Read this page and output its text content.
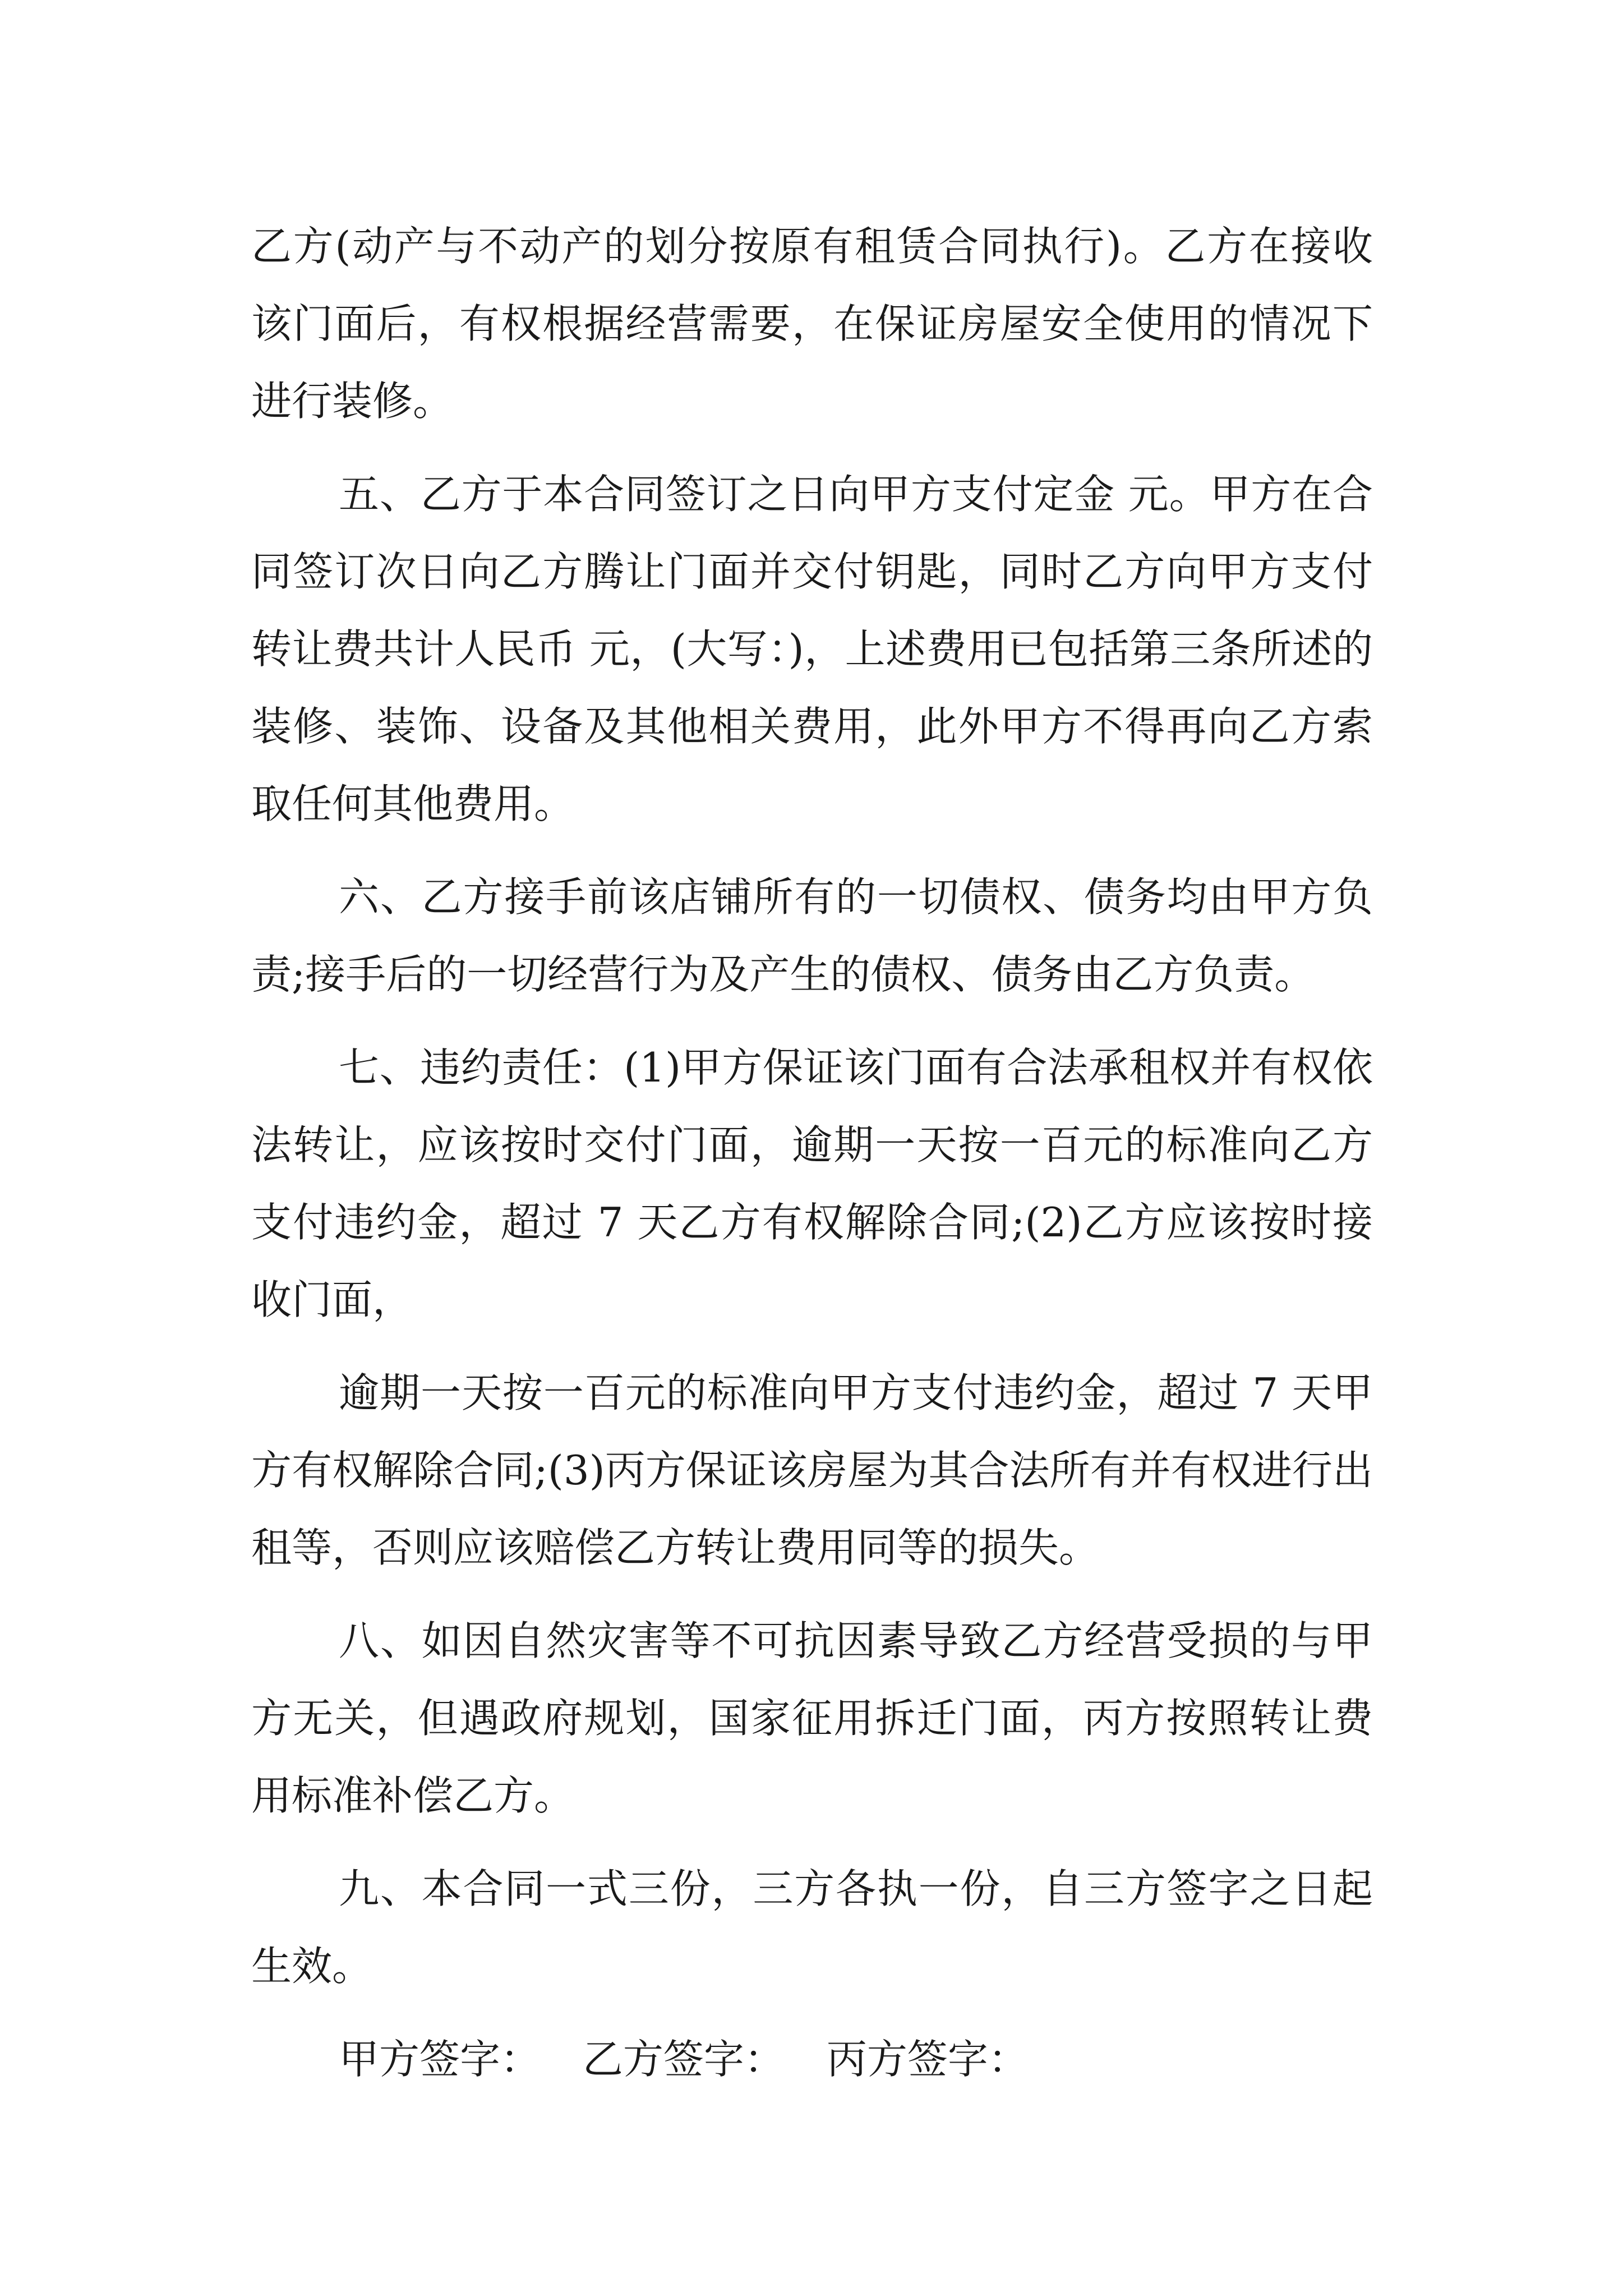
乙方(动产与不动产的划分按原有租赁合同执行)。乙方在接收该门面后，有权根据经营需要，在保证房屋安全使用的情况下进行装修。

五、乙方于本合同签订之日向甲方支付定金 元。甲方在合同签订次日向乙方腾让门面并交付钥匙，同时乙方向甲方支付转让费共计人民币 元，(大写：)，上述费用已包括第三条所述的装修、装饰、设备及其他相关费用，此外甲方不得再向乙方索取任何其他费用。

六、乙方接手前该店铺所有的一切债权、债务均由甲方负责;接手后的一切经营行为及产生的债权、债务由乙方负责。

七、违约责任：(1)甲方保证该门面有合法承租权并有权依法转让，应该按时交付门面，逾期一天按一百元的标准向乙方支付违约金，超过 7 天乙方有权解除合同;(2)乙方应该按时接收门面，

逾期一天按一百元的标准向甲方支付违约金，超过 7 天甲方有权解除合同;(3)丙方保证该房屋为其合法所有并有权进行出租等，否则应该赔偿乙方转让费用同等的损失。

八、如因自然灾害等不可抗因素导致乙方经营受损的与甲方无关，但遇政府规划，国家征用拆迁门面，丙方按照转让费用标准补偿乙方。

九、本合同一式三份，三方各执一份，自三方签字之日起生效。

甲方签字： 乙方签字： 丙方签字：
